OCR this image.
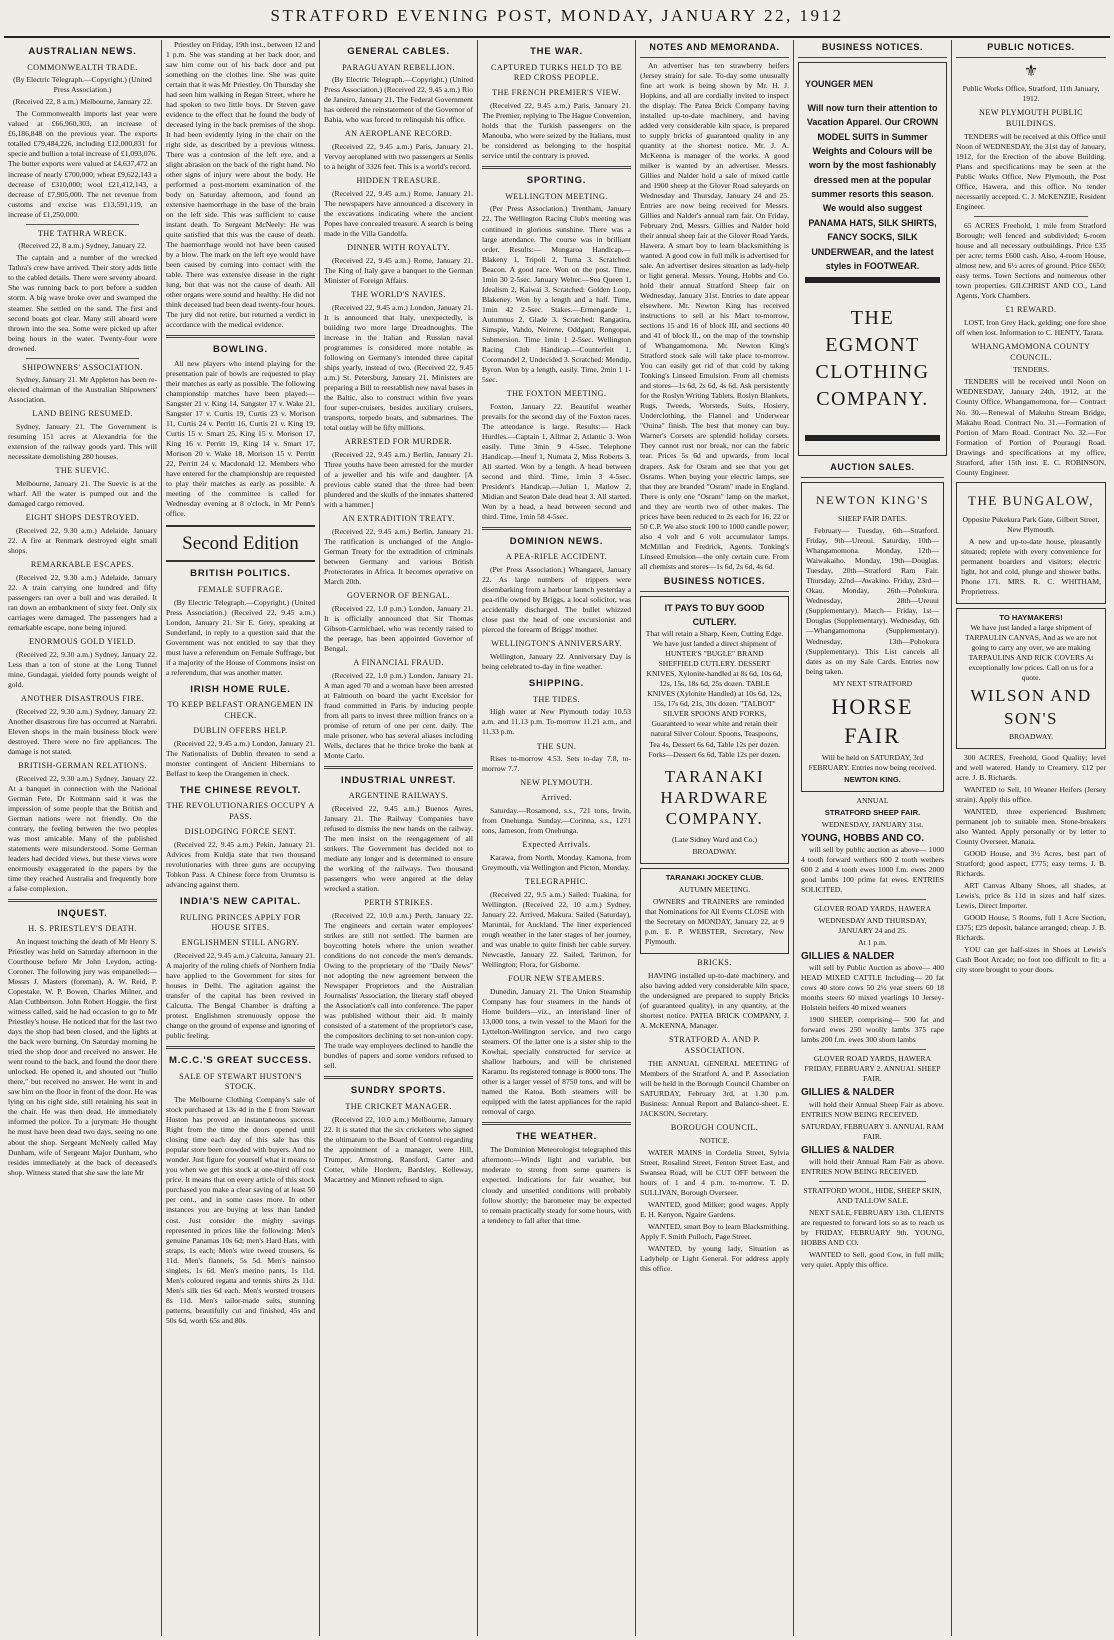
STRATFORD EVENING POST, MONDAY, JANUARY 22, 1912
AUSTRALIAN NEWS.
COMMONWEALTH TRADE.
(By Electric Telegraph.—Copyright.) (United Press Association.)
(Received 22, 8 a.m.) Melbourne, January 22.

The Commonwealth imports last year were valued at £66,960,303, an increase of £6,186,848 on the previous year. The exports totalled £79,484,226, including £12,000,831 for specie and bullion a total increase of £1,093,076. The butter exports were valued at £4,637,472 an increase of nearly £700,000; wheat £9,622,143 a decrease of £310,000; wool £21,412,143, a decrease of £7,905,000. The net revenue from customs and excise was £13,591,119, an increase of £1,250,000.

THE TATHRA WRECK.
(Received 22, 8 a.m.) Sydney, January 22.

The captain and a number of the wrecked Tathra's crew have arrived. Their story adds little to the cabled details. There were seventy aboard. She was running back to port before a sudden storm. A big wave broke over and swamped the steamer. She settled on the sand. The first and second boats got clear. Many still aboard were thrown into the sea. Some were picked up after being hours in the water. Twenty-four were drowned.

SHIPOWNERS' ASSOCIATION.

Sydney, January 21. Mr Appleton has been re-elected chairman of the Australian Shipowners' Association.

LAND BEING RESUMED.

Sydney, January 21. The Government is resuming 151 acres at Alexandria for the extension of the railway goods yard. This will necessitate demolishing 280 houses.

THE SUEVIC.

Melbourne, January 21. The Suevic is at the wharf. All the water is pumped out and the damaged cargo removed.

EIGHT SHOPS DESTROYED.

(Received 22, 9.30 a.m.) Adelaide, January 22. A fire at Renmark destroyed eight small shops.

REMARKABLE ESCAPES.

(Received 22, 9.30 a.m.) Adelaide, January 22. A train carrying one hundred and fifty passengers ran over a bull and was derailed. It ran down an embankment of sixty feet. Only six carriages were damaged. The passengers had a remarkable escape, none being injured.

ENORMOUS GOLD YIELD.

(Received 22, 9.30 a.m.) Sydney, January 22. Less than a ton of stone at the Long Tunnel mine, Gundagai, yielded forty pounds weight of gold.

ANOTHER DISASTROUS FIRE.

(Received 22, 9.30 a.m.) Sydney, January 22. Another disastrous fire has occurred at Narrabri. Eleven shops in the main business block were destroyed. There were no fire appliances. The damage is not stated.

BRITISH-GERMAN RELATIONS.

(Received 22, 9.30 a.m.) Sydney, January 22. At a banquet in connection with the National German Fete, Dr Kottmann said it was the impression of some people that the British and German nations were not friendly. On the contrary, the feeling between the two peoples was most amicable. Many of the published statements were misunderstood. Some German leaders had decided views, but these views were enormously exaggerated in the papers by the time they reached Australia and frequently bore a false complexion.

INQUEST.
H. S. PRIESTLEY'S DEATH.

An inquest touching the death of Mr Henry S. Priestley was held on Saturday afternoon in the Courthouse before Mr John Leydon, acting-Coroner. The following jury was empanelled:—Messrs J. Masters (foreman), A. W. Reid, P. Copestake, W. P. Bowen, Charles Milner, and Alan Cuthbertson. John Robert Hoggie, the first witness called, said he had occasion to go to Mr Priestley's house. He noticed that for the last two days the shop had been closed, and the lights at the back were burning. On Saturday morning he tried the shop door and received no answer. He went round to the back, and found the door there unlocked. He opened it, and shouted out "hullo there," but received no answer. He went in and saw him on the floor in front of the door. He was lying on his right side, still retaining his seat in the chair. He was then dead. He immediately informed the police. To a juryman: He thought he must have been dead two days, seeing no one about the shop. Sergeant McNeely called May Dunham, wife of Sergeant Major Dunham, who resides immediately at the back of deceased's shop. Witness stated that she saw the late Mr

Priestley on Friday, 19th inst., between 12 and 1 p.m. She was standing at her back door, and saw him come out of his back door and put something on the clothes line. She was quite certain that it was Mr Priestley. On Thursday she had seen him walking in Regan Street, where he had spoken to two little boys. Dr Steven gave evidence to the effect that he found the body of deceased lying in the back premises of the shop. It had been evidently lying in the chair on the right side, as described by a previous witness. There was a contusion of the left eye, and a slight abrasion on the back of the right hand. No other signs of injury were about the body. He performed a post-mortem examination of the body on Saturday afternoon, and found an extensive haemorrhage in the base of the brain on the left side. This was sufficient to cause instant death. To Sergeant McNeely: He was quite satisfied that this was the cause of death. The haemorrhage would not have been caused by a blow. The mark on the left eye would have been caused by coming into contact with the table. There was extensive disease in the right lung, but that was not the cause of death. All other organs were sound and healthy. He did not think deceased had been dead twenty-four hours. The jury did not retire, but returned a verdict in accordance with the medical evidence.

BOWLING.

All new players who intend playing for the presentation pair of bowls are requested to play their matches as early as possible. The following championship matches have been played:—Sangster 21 v. King 14, Sangster 17 v. Wake 21, Sangster 17 v. Curtis 19, Curtis 23 v. Morison 11, Curtis 24 v. Perritt 16, Curtis 21 v. King 19, Curtis 15 v. Smart 25, King 15 v. Morison 17, King 16 v. Perritt 19, King 14 v. Smart 17, Morison 20 v. Wake 18, Morison 15 v. Perritt 22, Perritt 24 v. Macdonald 12. Members who have entered for the championship are requested to play their matches as early as possible. A meeting of the committee is called for Wednesday evening at 8 o'clock, in Mr Penn's office.

Second Edition
BRITISH POLITICS.
FEMALE SUFFRAGE.

(By Electric Telegraph.—Copyright.) (United Press Association.) (Received 22, 9.45 a.m.) London, January 21. Sir E. Grey, speaking at Sunderland, in reply to a question said that the Government was not entitled to say that they must have a referendum on Female Suffrage, but if a majority of the House of Commons insist on a referendum, that was another matter.

IRISH HOME RULE.
TO KEEP BELFAST ORANGEMEN IN CHECK.
DUBLIN OFFERS HELP.

(Received 22, 9.45 a.m.) London, January 21. The Nationalists of Dublin threaten to send a monster contingent of Ancient Hibernians to Belfast to keep the Orangemen in check.

THE CHINESE REVOLT.
THE REVOLUTIONARIES OCCUPY A PASS.
DISLODGING FORCE SENT.

(Received 22, 9.45 a.m.) Pekin, January 21. Advices from Kuldja state that two thousand revolutionaries with three guns are occupying Tohkon Pass. A Chinese force from Urumtsu is advancing against them.

INDIA'S NEW CAPITAL.
RULING PRINCES APPLY FOR HOUSE SITES.
ENGLISHMEN STILL ANGRY.

(Received 22, 9.45 a.m.) Calcutta, January 21. A majority of the ruling chiefs of Northern India have applied to the Government for sites for houses in Delhi. The agitation against the transfer of the capital has been revived in Calcutta. The Bengal Chamber is drafting a protest. Englishmen strenuously oppose the change on the ground of expense and ignoring of public feeling.

M.C.C.'S GREAT SUCCESS.
SALE OF STEWART HUSTON'S STOCK.

The Melbourne Clothing Company's sale of stock purchased at 13s 4d in the £ from Stewart Huston has proved an instantaneous success. Right from the time the doors opened until closing time each day of this sale has this popular store been crowded with buyers. And no wonder. Just figure for yourself what it means to you when we get this stock at one-third off cost price. It means that on every article of this stock purchased you make a clear saving of at least 50 per cent., and in some cases more. In other instances you are buying at less than landed cost. Just consider the mighty savings represented in prices like the following: Men's genuine Panamas 10s 6d; men's Hard Hats, with straps, 1s each; Men's wire tweed trousers, 6s 11d. Men's flannels, 5s 5d. Men's nainsoo singlets, 1s 6d. Men's merino pants, 1s 11d. Men's coloured regatta and tennis shirts 2s 11d. Men's silk ties 6d each. Men's worsted trousers 8s 11d. Men's tailor-made suits, stunning patterns, beautifully cut and finished, 45s and 50s 6d, worth 65s and 80s.

GENERAL CABLES.
PARAGUAYAN REBELLION.

(By Electric Telegraph.—Copyright.) (United Press Association.) (Received 22, 9.45 a.m.) Rio de Janeiro, January 21. The Federal Government has ordered the reinstatement of the Governor of Bahia, who was forced to relinquish his office.

AN AEROPLANE RECORD.

(Received 22, 9.45 a.m.) Paris, January 21. Vervoy aeroplaned with two passengers at Senlis to a height of 3326 feet. This is a world's record.

HIDDEN TREASURE.

(Received 22, 9.45 a.m.) Rome, January 21. The newspapers have announced a discovery in the excavations indicating where the ancient Popes have concealed treasure. A search is being made in the Villa Gandolfa.

DINNER WITH ROYALTY.

(Received 22, 9.45 a.m.) Rome, January 21. The King of Italy gave a banquet to the German Minister of Foreign Affairs.

THE WORLD'S NAVIES.

(Received 22, 9.45 a.m.) London, January 21. It is announced that Italy, unexpectedly, is building two more large Dreadnoughts. The increase in the Italian and Russian naval programmes is considered more notable as following on Germany's intended three capital ships yearly, instead of two. (Received 22, 9.45 a.m.) St. Petersburg, January 21. Ministers are preparing a Bill to reestablish new naval bases in the Baltic, also to construct within five years four super-cruisers, besides auxiliary cruisers, transports, torpedo boats, and submarines. The total outlay will be fifty millions.

ARRESTED FOR MURDER.

(Received 22, 9.45 a.m.) Berlin, January 21. Three youths have been arrested for the murder of a jeweller and his wife and daughter. [A previous cable stated that the three had been plundered and the skulls of the inmates shattered with a hammer.]

AN EXTRADITION TREATY.

(Received 22, 9.45 a.m.) Berlin, January 21. The ratification is unchanged of the Anglo-German Treaty for the extradition of criminals between Germany and various British Protectorates in Africa. It becomes operative on March 20th.

GOVERNOR OF BENGAL.

(Received 22, 1.0 p.m.) London, January 21. It is officially announced that Sir Thomas Gibson-Carmichael, who was recently raised to the peerage, has been appointed Governor of Bengal.

A FINANCIAL FRAUD.

(Received 22, 1.0 p.m.) London, January 21. A man aged 70 and a woman have been arrested at Falmouth on board the yacht Excelsior for fraud committed in Paris by inducing people from all parts to invest three million francs on a promise of return of one per cent. daily. The male prisoner, who has several aliases including Wells, declares that he thrice broke the bank at Monte Carlo.

INDUSTRIAL UNREST.
ARGENTINE RAILWAYS.

(Received 22, 9.45 a.m.) Buenos Ayres, January 21. The Railway Companies have refused to dismiss the new hands on the railway. The men insist on the reengagement of all strikers. The Government has decided not to mediate any longer and is determined to ensure the working of the railways. Two thousand passengers who were angered at the delay wrecked a station.

PERTH STRIKES.

(Received 22, 10.0 a.m.) Perth, January 22. The engineers and certain water employees' strikes are still not settled. The barmen are boycotting hotels where the union weather conditions do not concede the men's demands. Owing to the proprietary of the "Daily News" not adopting the new agreement between the Newspaper Proprietors and the Australian Journalists' Association, the literary staff obeyed the Association's call into conference. The paper was published without their aid. It mainly consisted of a statement of the proprietor's case, the compositors declining to set non-union copy. The trade way employees declined to handle the bundles of papers and some vendors refused to sell.

SUNDRY SPORTS.
THE CRICKET MANAGER.

(Received 22, 10.0 a.m.) Melbourne, January 22. It is stated that the six cricketers who signed the ultimatum to the Board of Control regarding the appointment of a manager, were Hill, Trumper, Armstrong, Ransford, Carter and Cotter, while Hordern, Bardsley, Kelleway, Macartney and Minnett refused to sign.

THE WAR.
CAPTURED TURKS HELD TO BE RED CROSS PEOPLE.
THE FRENCH PREMIER'S VIEW.

(Received 22, 9.45 a.m.) Paris, January 21. The Premier, replying to The Hague Convention, holds that the Turkish passengers on the Manouba, who were seized by the Italians, must be considered as belonging to the hospital service until the contrary is proved.

SPORTING.
WELLINGTON MEETING.

(Per Press Association.) Trentham, January 22. The Wellington Racing Club's meeting was continued in glorious sunshine. There was a large attendance. The course was in brilliant order. Results:— Mungaroa Handicap.—Blakeny 1, Tripoli 2, Turna 3. Scratched: Beacon. A good race. Won on the post. Time, 1min 30 2-5sec. January Welter.—Sea Queen 1, Idealism 2, Kaiwai 3. Scratched: Golden Loop, Blakeney. Won by a length and a half. Time, 1min 42 2-5sec. Stakes.—Ermengarde 1, Autumnus 2, Glade 3. Scratched: Rangatira, Simspie, Vahdo, Neirene, Oddgant, Rongopai, Submersion. Time 1min 1 2-5sec. Wellington Racing Club Handicap.—Counterfeit 1, Coromandel 2, Undecided 3. Scratched: Mendip, Byron. Won by a length, easily. Time, 2min 1 1-5sec.

THE FOXTON MEETING.

Foxton, January 22. Beautiful weather prevails for the second day of the Foxton races. The attendance is large. Results:— Hack Hurdles.—Captain 1, Allmar 2, Atlantic 3. Won easily. Time 3min 9 4-5sec. Telephone Handicap.—Ineuf 1, Numata 2, Miss Roberts 3. All started. Won by a length. A head between second and third. Time, 1min 3 4-5sec. President's Handicap.—Julian 1, Matlow 2, Midian and Seaton Dale dead heat 3. All started. Won by a head, a head between second and third. Time, 1min 58 4-5sec.

DOMINION NEWS.
A PEA-RIFLE ACCIDENT.

(Per Press Association.) Whangarei, January 22. As large numbers of trippers were disembarking from a harbour launch yesterday a pea-rifle owned by Briggs, a local solicitor, was accidentally discharged. The bullet whizzed close past the head of one excursionist and pierced the forearm of Briggs' mother.

WELLINGTON'S ANNIVERSARY.

Wellington, January 22. Anniversary Day is being celebrated to-day in fine weather.

SHIPPING.
THE TIDES.

High water at New Plymouth today 10.53 a.m. and 11.13 p.m. To-morrow 11.21 a.m., and 11.33 p.m.

THE SUN.

Rises to-morrow 4.53. Sets to-day 7.8, to-morrow 7.7.

NEW PLYMOUTH.
Arrived.

Saturday.—Rosamond, s.s., 721 tons, Irwin, from Onehunga. Sunday.—Corinna, s.s., 1271 tons, Jameson, from Onehunga.

Expected Arrivals.

Karawa, from North, Monday. Kamona, from Greymouth, via Wellington and Picton, Monday.

TELEGRAPHIC.

(Received 22, 9.5 a.m.) Sailed: Tuakina, for Wellington. (Received 22, 10 a.m.) Sydney, January 22. Arrived, Makura. Sailed (Saturday), Maruntai, for Auckland. The liner experienced rough weather in the later stages of her journey, and was unable to quite finish her cable survey. Newcastle, January 22. Sailed, Tarimon, for Wellington; Flora, for Gisborne.

FOUR NEW STEAMERS.

Dunedin, January 21. The Union Steamship Company has four steamers in the hands of Home builders—viz., an interisland liner of 13,000 tons, a twin vessel to the Maori for the Lyttelton-Wellington service, and two cargo steamers. Of the latter one is a sister ship to the Kowhai, specially constructed for service at shallow harbours, and will be christened Karamu. Its registered tonnage is 8000 tons. The other is a larger vessel of 8750 tons, and will be named the Katoa. Both steamers will be equipped with the latest appliances for the rapid removal of cargo.

THE WEATHER.

The Dominion Meteorologist telegraphed this afternoon:—Winds light and variable, but moderate to strong from some quarters is expected. Indications for fair weather, but cloudy and unsettled conditions will probably follow shortly; the barometer may be expected to remain practically steady for some hours, with a tendency to fall after that time.

NOTES AND MEMORANDA.

An advertiser has ten strawberry heifers (Jersey strain) for sale. To-day some unusually fine art work is being shown by Mr. H. J. Hopkins, and all are cordially invited to inspect the display. The Patea Brick Company having installed up-to-date machinery, and having added very considerable kiln space, is prepared to supply bricks of guaranteed quality in any quantity at the shortest notice. Mr. J. A. McKenna is manager of the works. A good milker is wanted by an advertiser. Messrs. Gillies and Nalder hold a sale of mixed cattle and 1900 sheep at the Glover Road saleyards on Wednesday and Thursday, January 24 and 25. Entries are now being received for Messrs. Gillies and Nalder's annual ram fair. On Friday, February 2nd, Messrs. Gillies and Nalder hold their annual sheep fair at the Glover Road Yards, Hawera. A smart boy to learn blacksmithing is wanted. A good cow in full milk is advertised for sale. An advertiser desires situation as lady-help or light general. Messrs. Young, Hobbs and Co. hold their annual Stratford Sheep fair on Wednesday, January 31st. Entries to date appear elsewhere. Mr. Newton King has received instructions to sell at his Mart to-morrow, sections 15 and 16 of block III, and sections 40 and 41 of block II., on the map of the township of Whangamomona. Mr. Newton King's Stratford stock sale will take place to-morrow. You can easily get rid of that cold by taking Tonking's Linseed Emulsion. From all chemists and stores—1s 6d, 2s 6d, 4s 6d. Ask persistently for the Roslyn Writing Tablets. Roslyn Blankets, Rugs, Tweeds, Worsteds, Suits, Hosiery, Underclothing, the Flannel and Underwear "Ouina" finish. The best that money can buy. Warner's Corsets are splendid holiday corsets. They cannot rust nor break, nor can the fabric tear. Prices 5s 6d and upwards, from local drapers. Ask for Osram and see that you get Osrams. When buying your electric lamps, see that they are branded "Osram" made in England. There is only one "Osram" lamp on the market, and they are worth two of other makes. The prices have been reduced to 2s each for 16, 22 or 50 C.P. We also stock 100 to 1000 candle power; also 4 volt and 6 volt accumulator lamps. McMillan and Fredrick, Agents. Tonking's Linseed Emulsion—the only certain cure. From all chemists and stores—1s 6d, 2s 6d, 4s 6d.

BUSINESS NOTICES.
IT PAYS TO BUY GOOD CUTLERY.

That will retain a Sharp, Keen, Cutting Edge. We have just landed a direct shipment of HUNTER'S "BUGLE" BRAND SHEFFIELD CUTLERY. DESSERT KNIVES, Xylonite-handled at 8s 6d, 10s 6d, 12s, 15s, 18s 6d, 25s dozen. TABLE KNIVES (Xylonite Handled) at 10s 6d, 12s, 15s, 17s 6d, 21s, 30s dozen. "TALBOT" SILVER SPOONS AND FORKS, Guaranteed to wear white and retain their natural Silver Colour. Spoons, Teaspoons, Tea 4s, Dessert 6s 6d, Table 12s per dozen. Forks—Dessert 6s 6d, Table 12s per dozen.

TARANAKI HARDWARE COMPANY.
(Late Sidney Ward and Co.)
BROADWAY.
TARANAKI JOCKEY CLUB.
AUTUMN MEETING.

OWNERS and TRAINERS are reminded that Nominations for All Events CLOSE with the Secretary on MONDAY, January 22, at 9 p.m. E. P. WEBSTER, Secretary, New Plymouth.

BRICKS.

HAVING installed up-to-date machinery, and also having added very considerable kiln space, the undersigned are prepared to supply Bricks (of guaranteed quality), in any quantity, at the shortest notice. PATEA BRICK COMPANY, J. A. McKENNA, Manager.

STRATFORD A. AND P. ASSOCIATION.

THE ANNUAL GENERAL MEETING of Members of the Stratford A. and P. Association will be held in the Borough Council Chamber on SATURDAY, February 3rd, at 1.30 p.m. Business: Annual Report and Balance-sheet. E. JACKSON, Secretary.

BOROUGH COUNCIL.
NOTICE.

WATER MAINS in Cordelia Street, Sylvia Street, Rosalind Street, Fenton Street East, and Swansea Road, will be CUT OFF between the hours of 1 and 4 p.m. to-morrow. T. D. SULLIVAN, Borough Overseer.

WANTED, good Milker; good wages. Apply E. H. Kenyon, Ngaire Gardens.

WANTED, smart Boy to learn Blacksmithing. Apply F. Smith Pulloch, Page Street.

WANTED, by young lady, Situation as Ladyhelp or Light General. For address apply this office.

BUSINESS NOTICES.
YOUNGER MEN
Will now turn their attention to Vacation Apparel. Our CROWN MODEL SUITS in Summer Weights and Colours will be worn by the most fashionably dressed men at the popular summer resorts this season. We would also suggest PANAMA HATS, SILK SHIRTS, FANCY SOCKS, SILK UNDERWEAR, and the latest styles in FOOTWEAR.
THE EGMONT CLOTHING COMPANY.
AUCTION SALES.
NEWTON KING'S
SHEEP FAIR DATES.

February— Tuesday, 6th—Stratford. Friday, 9th—Ureuui. Saturday, 10th—Whangamomona. Monday, 12th—Waiwakaiho. Monday, 19th—Douglas. Tuesday, 20th—Stratford Ram Fair. Thursday, 22nd—Awakino. Friday, 23rd—Okau. Monday, 26th—Pohokura. Wednesday, 28th—Ureuui (Supplementary). March— Friday, 1st—Douglas (Supplementary). Wednesday, 6th—Whangamomona (Supplementary). Wednesday, 13th—Pohokura (Supplementary). This List cancels all dates as on my Sale Cards. Entries now being taken.

MY NEXT STRATFORD
HORSE FAIR

Will be held on SATURDAY, 3rd FEBRUARY. Entries now being received.

NEWTON KING.
ANNUAL
STRATFORD SHEEP FAIR.
WEDNESDAY, JANUARY 31st.
YOUNG, HOBBS AND CO.

will sell by public auction as above— 1000 4 tooth forward wethers 600 2 tooth wethers 600 2 and 4 tooth ewes 1000 f.m. ewes 2000 good lambs 100 prime fat ewes. ENTRIES SOLICITED.

GLOVER ROAD YARDS, HAWERA
WEDNESDAY AND THURSDAY, JANUARY 24 and 25.
At 1 p.m.
GILLIES & NALDER

will sell by Public Auction as above— 400 HEAD MIXED CATTLE Including— 20 fat cows 40 store cows 50 2½ year steers 60 18 months steers 60 mixed yearlings 10 Jersey-Holstein heifers 40 mixed weaners

1900 SHEEP, comprising— 500 fat and forward ewes 250 woolly lambs 375 rape lambs 200 f.m. ewes 300 shorn lambs

GLOVER ROAD YARDS, HAWERA FRIDAY, FEBRUARY 2. ANNUAL SHEEP FAIR.
GILLIES & NALDER

will hold their Annual Sheep Fair as above. ENTRIES NOW BEING RECEIVED.

SATURDAY, FEBRUARY 3. ANNUAL RAM FAIR.
GILLIES & NALDER

will hold their Annual Ram Fair as above. ENTRIES NOW BEING RECEIVED.

STRATFORD WOOL, HIDE, SHEEP SKIN, AND TALLOW SALE.

NEXT SALE, FEBRUARY 13th. CLIENTS are requested to forward lots so as to reach us by FRIDAY, FEBRUARY 9th. YOUNG, HOBBS AND CO.

WANTED to Sell, good Cow, in full milk; very quiet. Apply this office.

PUBLIC NOTICES.
⚜

Public Works Office, Stratford, 11th January, 1912.

NEW PLYMOUTH PUBLIC BUILDINGS.

TENDERS will be received at this Office until Noon of WEDNESDAY, the 31st day of January, 1912, for the Erection of the above Building. Plans and specifications may be seen at the Public Works Office, New Plymouth, the Post Office, Hawera, and this office. No tender necessarily accepted. C. J. McKENZIE, Resident Engineer.

65 ACRES Freehold, 1 mile from Stratford Borough; well fenced and subdivided; 6-room house and all necessary outbuildings. Price £35 per acre; terms £600 cash. Also, 4-room House, almost new, and 6½ acres of ground. Price £650; easy terms. Town Sections and numerous other town properties. GILCHRIST AND CO., Land Agents, York Chambers.

£1 REWARD.

LOST, Iron Grey Hack, gelding; one fore shoe off when lost. Information to C. HENTY, Tarata.

WHANGAMOMONA COUNTY COUNCIL.
TENDERS.

TENDERS will be received until Noon on WEDNESDAY, January 24th, 1912, at the County Office, Whangamomona, for— Contract No. 30.—Renewal of Makuhu Stream Bridge, Makahu Road. Contract No. 31.—Formation of Portion of Maro Road. Contract No. 32.—For Formation of Portion of Pouraugi Road. Drawings and specifications at my office, Stratford, after 15th inst. E. C. ROBINSON, County Engineer.

THE BUNGALOW,
Opposite Pukekura Park Gate, Gilbert Street, New Plymouth.

A new and up-to-date house, pleasantly situated; replete with every convenience for permanent boarders and visitors; electric light, hot and cold, plunge and shower baths. Phone 171. MRS. R. C. WHITHAM, Proprietress.

TO HAYMAKERS!

We have just landed a large shipment of TARPAULIN CANVAS, And as we are not going to carry any over, we are making TARPAULINS AND RICK COVERS At exceptionally low prices. Call on us for a quote.

WILSON AND SON'S
BROADWAY.

300 ACRES, Freehold, Good Quality; level and well watered. Handy to Creamery. £12 per acre. J. B. Richards.

WANTED to Sell, 10 Weaner Heifers (Jersey strain). Apply this office.

WANTED, three experienced Bushmen; permanent job to suitable men. Stone-breakers also Wanted. Apply personally or by letter to County Overseer, Manaia.

GOOD House, and 3½ Acres, best part of Stratford; good aspect, £775; easy terms. J. B. Richards.

ART Canvas Albany Shoes, all shades, at Lewis's, price 8s 11d in sizes and half sizes. Lewis, Direct Importer.

GOOD House, 5 Rooms, full 1 Acre Section, £375; £25 deposit, balance arranged; cheap. J. B. Richards.

YOU can get half-sizes in Shoes at Lewis's Cash Boot Arcade; no foot too difficult to fit; a city store brought to your doors.
